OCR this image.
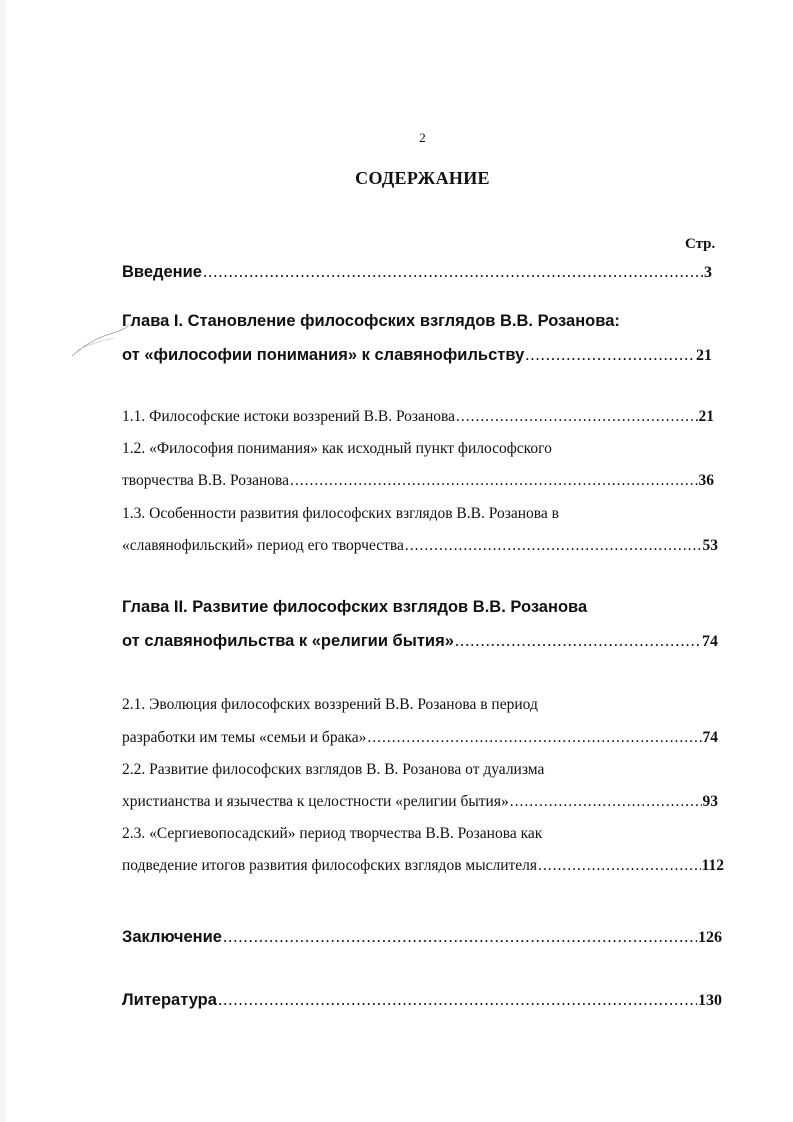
2
СОДЕРЖАНИЕ
Стр.
Введение .....	3
Глава I. Становление философских взглядов В.В. Розанова:
от «философии понимания» к славянофильству .....	21
1.1. Философские истоки воззрений В.В. Розанова .....	21
1.2. «Философия понимания» как исходный пункт философского
творчества В.В. Розанова .....	36
1.3. Особенности развития философских взглядов В.В. Розанова в
«славянофильский» период его творчества .....	53
Глава II. Развитие философских взглядов В.В. Розанова
от славянофильства к «религии бытия» .....	74
2.1. Эволюция философских воззрений В.В. Розанова в период
разработки им темы «семьи и брака» .....	74
2.2. Развитие философских взглядов В. В. Розанова от дуализма
христианства и язычества к целостности «религии бытия» .....	93
2.3. «Сергиевопосадский» период творчества В.В. Розанова как
подведение итогов развития философских взглядов мыслителя .....	112
Заключение .....	126
Литература .....	130
